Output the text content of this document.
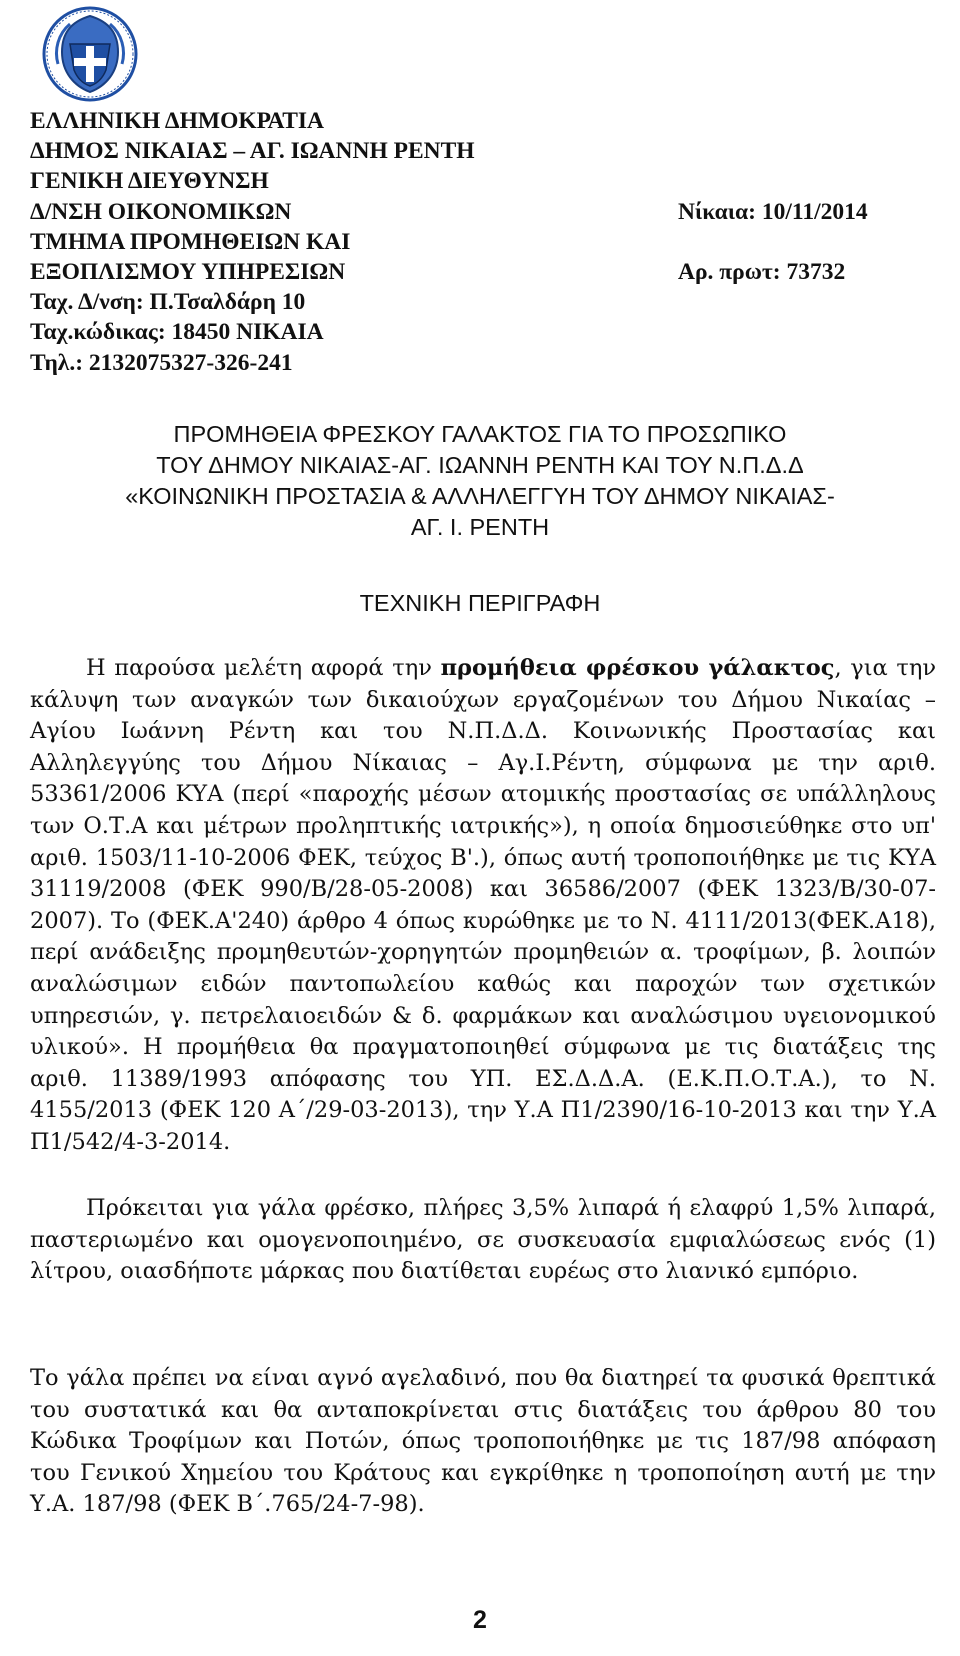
ΕΛΛΗΝΙΚΗ ΔΗΜΟΚΡΑΤΙΑ
ΔΗΜΟΣ ΝΙΚΑΙΑΣ – ΑΓ. ΙΩΑΝΝΗ ΡΕΝΤΗ
ΓΕΝΙΚΗ ΔΙΕΥΘΥΝΣΗ
Δ/ΝΣΗ ΟΙΚΟΝΟΜΙΚΩΝ	Νίκαια: 10/11/2014
ΤΜΗΜΑ ΠΡΟΜΗΘΕΙΩΝ ΚΑΙ
ΕΞΟΠΛΙΣΜΟΥ ΥΠΗΡΕΣΙΩΝ	Αρ. πρωτ: 73732
Ταχ. Δ/νση: Π.Τσαλδάρη 10
Ταχ.κώδικας: 18450 ΝΙΚΑΙΑ
Τηλ.: 2132075327-326-241
ΠΡΟΜΗΘΕΙΑ ΦΡΕΣΚΟΥ ΓΑΛΑΚΤΟΣ ΓΙΑ ΤΟ ΠΡΟΣΩΠΙΚΟ
ΤΟΥ ΔΗΜΟΥ ΝΙΚΑΙΑΣ-ΑΓ. ΙΩΑΝΝΗ ΡΕΝΤΗ ΚΑΙ ΤΟΥ Ν.Π.Δ.Δ
«ΚΟΙΝΩΝΙΚΗ ΠΡΟΣΤΑΣΙΑ & ΑΛΛΗΛΕΓΓΥΗ ΤΟΥ ΔΗΜΟΥ ΝΙΚΑΙΑΣ-
ΑΓ. Ι. ΡΕΝΤΗ
ΤΕΧΝΙΚΗ ΠΕΡΙΓΡΑΦΗ
Η παρούσα μελέτη αφορά την προμήθεια φρέσκου γάλακτος, για την κάλυψη των αναγκών των δικαιούχων εργαζομένων του Δήμου Νικαίας – Αγίου Ιωάννη Ρέντη και του Ν.Π.Δ.Δ. Κοινωνικής Προστασίας και Αλληλεγγύης του Δήμου Νίκαιας – Αγ.Ι.Ρέντη, σύμφωνα με την αριθ. 53361/2006 ΚΥΑ (περί «παροχής μέσων ατομικής προστασίας σε υπάλληλους των Ο.Τ.Α και μέτρων προληπτικής ιατρικής»), η οποία δημοσιεύθηκε στο υπ' αριθ. 1503/11-10-2006 ΦΕΚ, τεύχος Β'.), όπως αυτή τροποποιήθηκε με τις ΚΥΑ 31119/2008 (ΦΕΚ 990/Β/28-05-2008) και 36586/2007 (ΦΕΚ 1323/Β/30-07-2007). Το (ΦΕΚ.Α'240) άρθρο 4 όπως κυρώθηκε με το Ν. 4111/2013(ΦΕΚ.Α18), περί ανάδειξης προμηθευτών-χορηγητών προμηθειών α. τροφίμων, β. λοιπών αναλώσιμων ειδών παντοπωλείου καθώς και παροχών των σχετικών υπηρεσιών, γ. πετρελαιοειδών & δ. φαρμάκων και αναλώσιμου υγειονομικού υλικού». Η προμήθεια θα πραγματοποιηθεί σύμφωνα με τις διατάξεις της αριθ. 11389/1993 απόφασης του ΥΠ. ΕΣ.Δ.Δ.Α. (Ε.Κ.Π.Ο.Τ.Α.), το Ν. 4155/2013 (ΦΕΚ 120 Α΄/29-03-2013), την Υ.Α Π1/2390/16-10-2013 και την Υ.Α Π1/542/4-3-2014.
Πρόκειται για γάλα φρέσκο, πλήρες 3,5% λιπαρά ή ελαφρύ 1,5% λιπαρά, παστεριωμένο και ομογενοποιημένο, σε συσκευασία εμφιαλώσεως ενός (1) λίτρου, οιασδήποτε μάρκας που διατίθεται ευρέως στο λιανικό εμπόριο.
Το γάλα πρέπει να είναι αγνό αγελαδινό, που θα διατηρεί τα φυσικά θρεπτικά του συστατικά και θα ανταποκρίνεται στις διατάξεις του άρθρου 80 του Κώδικα Τροφίμων και Ποτών, όπως τροποποιήθηκε με τις 187/98 απόφαση του Γενικού Χημείου του Κράτους και εγκρίθηκε η τροποποίηση αυτή με την Υ.Α. 187/98 (ΦΕΚ Β΄.765/24-7-98).
2
